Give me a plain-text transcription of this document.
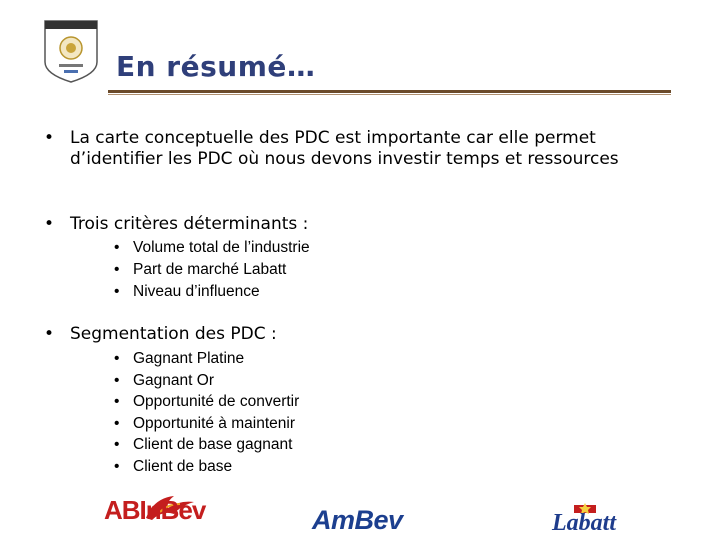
En résumé…
• La carte conceptuelle des PDC est importante car elle permet d’identifier les PDC où nous devons investir temps et ressources
• Trois critères déterminants :
• Volume total de l’industrie
• Part de marché Labatt
• Niveau d’influence
• Segmentation des PDC :
• Gagnant Platine
• Gagnant Or
• Opportunité de convertir
• Opportunité à maintenir
• Client de base gagnant
• Client de base
ABInBev	AmBev	Labatt
